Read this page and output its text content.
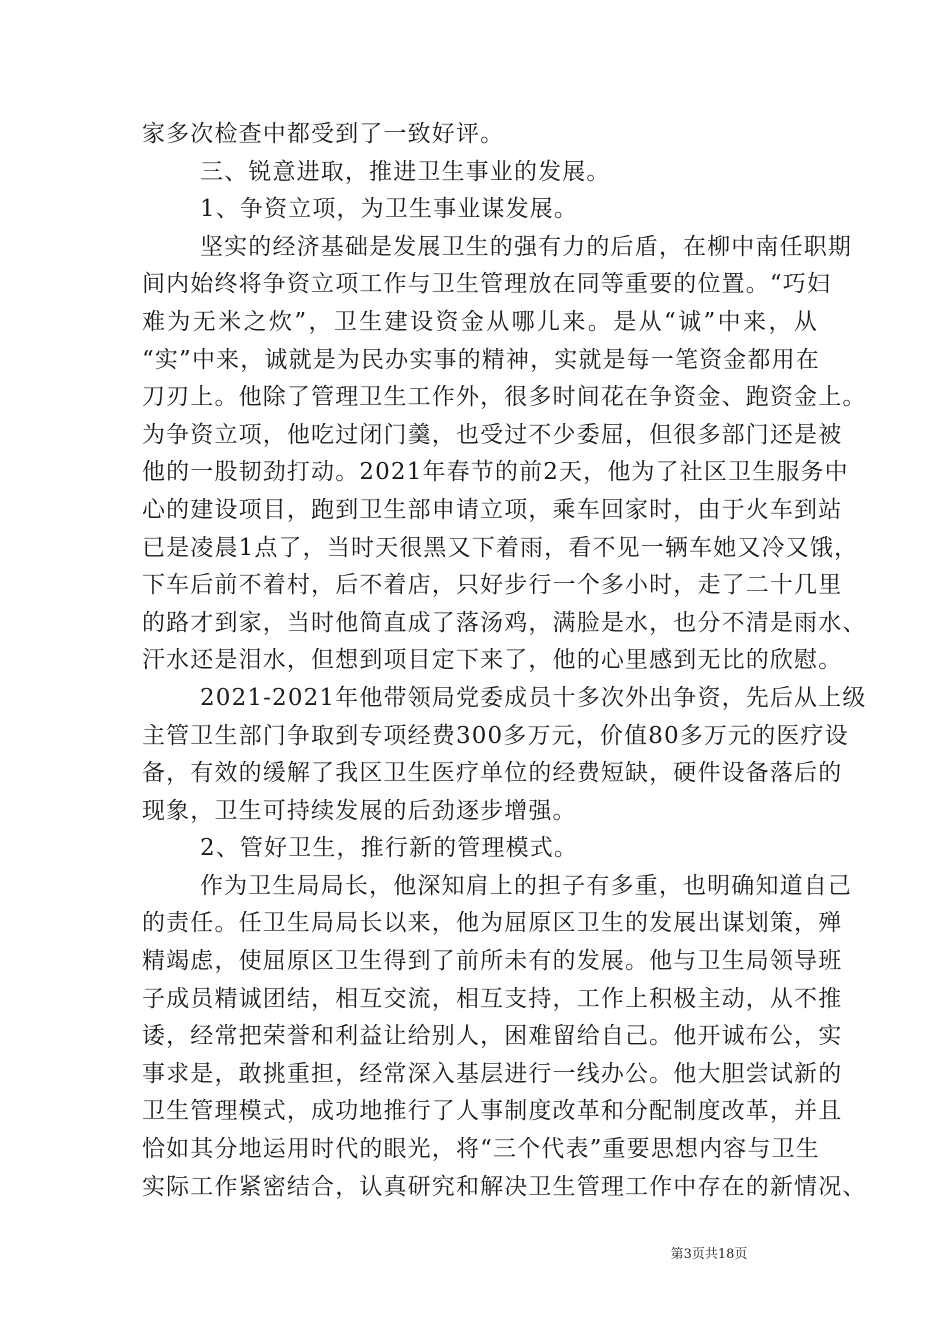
家多次检查中都受到了一致好评。
三、锐意进取，推进卫生事业的发展。
1、争资立项，为卫生事业谋发展。
坚实的经济基础是发展卫生的强有力的后盾，在柳中南任职期
间内始终将争资立项工作与卫生管理放在同等重要的位置。“巧妇
难为无米之炊”，卫生建设资金从哪儿来。是从“诚”中来，从
“实”中来，诚就是为民办实事的精神，实就是每一笔资金都用在
刀刃上。他除了管理卫生工作外，很多时间花在争资金、跑资金上。
为争资立项，他吃过闭门羹，也受过不少委屈，但很多部门还是被
他的一股韧劲打动。2021年春节的前2天，他为了社区卫生服务中
心的建设项目，跑到卫生部申请立项，乘车回家时，由于火车到站
已是凌晨1点了，当时天很黑又下着雨，看不见一辆车她又冷又饿，
下车后前不着村，后不着店，只好步行一个多小时，走了二十几里
的路才到家，当时他简直成了落汤鸡，满脸是水，也分不清是雨水、
汗水还是泪水，但想到项目定下来了，他的心里感到无比的欣慰。
2021-2021年他带领局党委成员十多次外出争资，先后从上级
主管卫生部门争取到专项经费300多万元，价值80多万元的医疗设
备，有效的缓解了我区卫生医疗单位的经费短缺，硬件设备落后的
现象，卫生可持续发展的后劲逐步增强。
2、管好卫生，推行新的管理模式。
作为卫生局局长，他深知肩上的担子有多重，也明确知道自己
的责任。任卫生局局长以来，他为屈原区卫生的发展出谋划策，殚
精竭虑，使屈原区卫生得到了前所未有的发展。他与卫生局领导班
子成员精诚团结，相互交流，相互支持，工作上积极主动，从不推
诿，经常把荣誉和利益让给别人，困难留给自己。他开诚布公，实
事求是，敢挑重担，经常深入基层进行一线办公。他大胆尝试新的
卫生管理模式，成功地推行了人事制度改革和分配制度改革，并且
恰如其分地运用时代的眼光，将“三个代表”重要思想内容与卫生
实际工作紧密结合，认真研究和解决卫生管理工作中存在的新情况、
第3页共18页
